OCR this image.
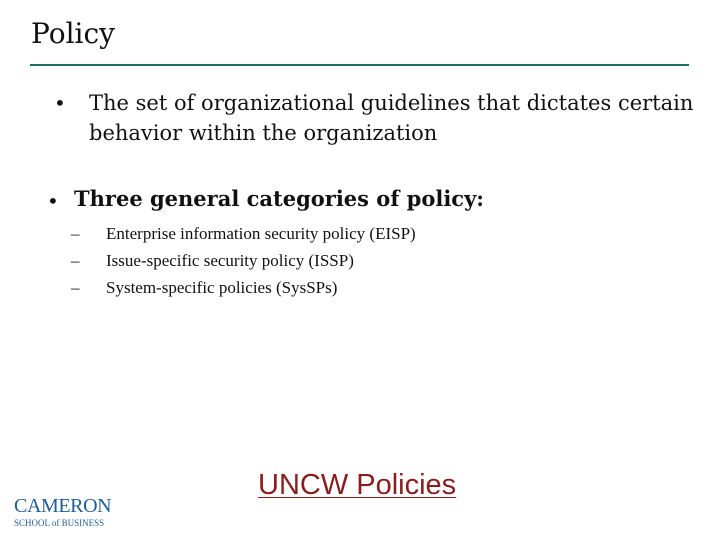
Policy
• The set of organizational guidelines that dictates certain behavior within the organization
• Three general categories of policy:
– Enterprise information security policy (EISP)
– Issue-specific security policy (ISSP)
– System-specific policies (SysSPs)
UNCW Policies
CAMERON
SCHOOL of BUSINESS
